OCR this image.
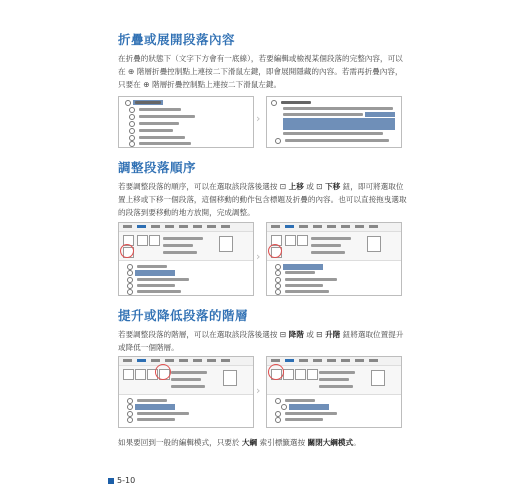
折疊或展開段落內容
在折疊的狀態下（文字下方會有一底線），若要編輯或檢視某個段落的完整內容，可以在 ⊕ 階層折疊控制點上連按二下滑鼠左鍵，即會展開隱藏的內容。若需再折疊內容，只要在 ⊕ 階層折疊控制點上連按二下滑鼠左鍵。
›
調整段落順序
若要調整段落的順序，可以在選取該段落後選按 ⊡ 上移 或 ⊡ 下移 鈕，即可將選取位置上移或下移一個段落，這個移動的動作包含標題及折疊的內容。也可以直接拖曳選取的段落到要移動的地方放開，完成調整。
›
提升或降低段落的階層
若要調整段落的階層，可以在選取該段落後選按 ⊟ 降階 或 ⊟ 升階 鈕將選取位置提升或降低一個階層。
›
如果要回到一般的編輯模式，只要於 大綱 索引標籤選按 關閉大綱模式。
5-10
